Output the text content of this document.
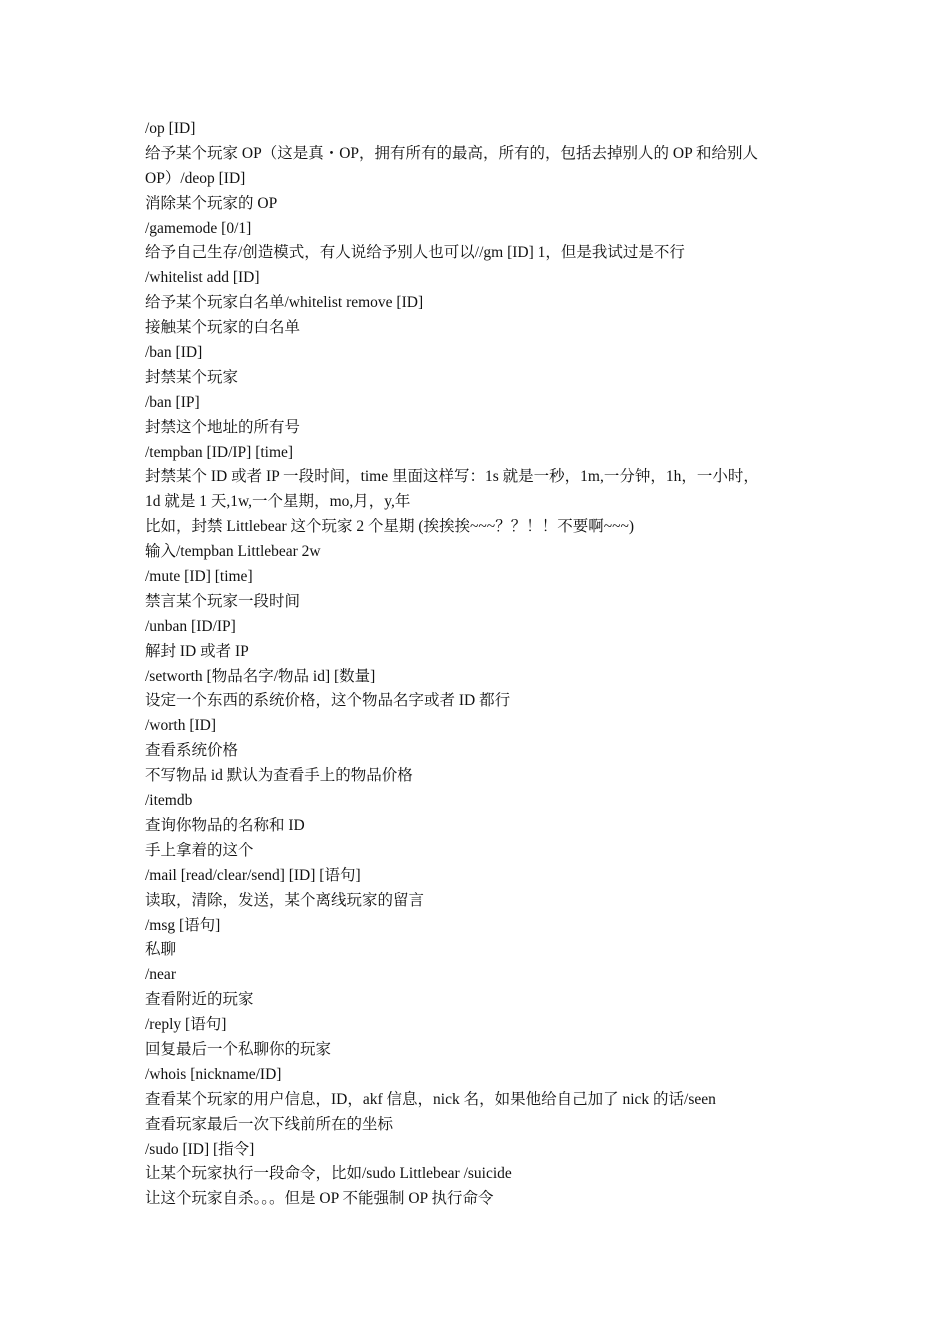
/op [ID]

给予某个玩家 OP（这是真・OP，拥有所有的最高，所有的，包括去掉别人的 OP 和给别人

OP）/deop [ID]

消除某个玩家的 OP

/gamemode [0/1]

给予自己生存/创造模式，有人说给予别人也可以//gm [ID] 1，但是我试过是不行

/whitelist add [ID]

给予某个玩家白名单/whitelist remove [ID]

接触某个玩家的白名单

/ban [ID]

封禁某个玩家

/ban [IP]

封禁这个地址的所有号

/tempban [ID/IP] [time]

封禁某个 ID 或者 IP 一段时间，time 里面这样写：1s 就是一秒，1m,一分钟，1h，一小时，

1d 就是 1 天,1w,一个星期，mo,月，y,年

比如，封禁 Littlebear 这个玩家 2 个星期 (挨挨挨~~~？？！！不要啊~~~)

输入/tempban Littlebear 2w

/mute [ID] [time]

禁言某个玩家一段时间

/unban [ID/IP]

解封 ID 或者 IP

/setworth [物品名字/物品 id] [数量]

设定一个东西的系统价格，这个物品名字或者 ID 都行

/worth [ID]

查看系统价格

不写物品 id 默认为查看手上的物品价格

/itemdb

查询你物品的名称和 ID

手上拿着的这个

/mail [read/clear/send] [ID] [语句]

读取，清除，发送，某个离线玩家的留言

/msg [语句]

私聊

/near

查看附近的玩家

/reply [语句]

回复最后一个私聊你的玩家

/whois [nickname/ID]

查看某个玩家的用户信息，ID，akf 信息，nick 名，如果他给自己加了 nick 的话/seen

查看玩家最后一次下线前所在的坐标

/sudo [ID] [指令]

让某个玩家执行一段命令，比如/sudo Littlebear /suicide

让这个玩家自杀。。。但是 OP 不能强制 OP 执行命令
